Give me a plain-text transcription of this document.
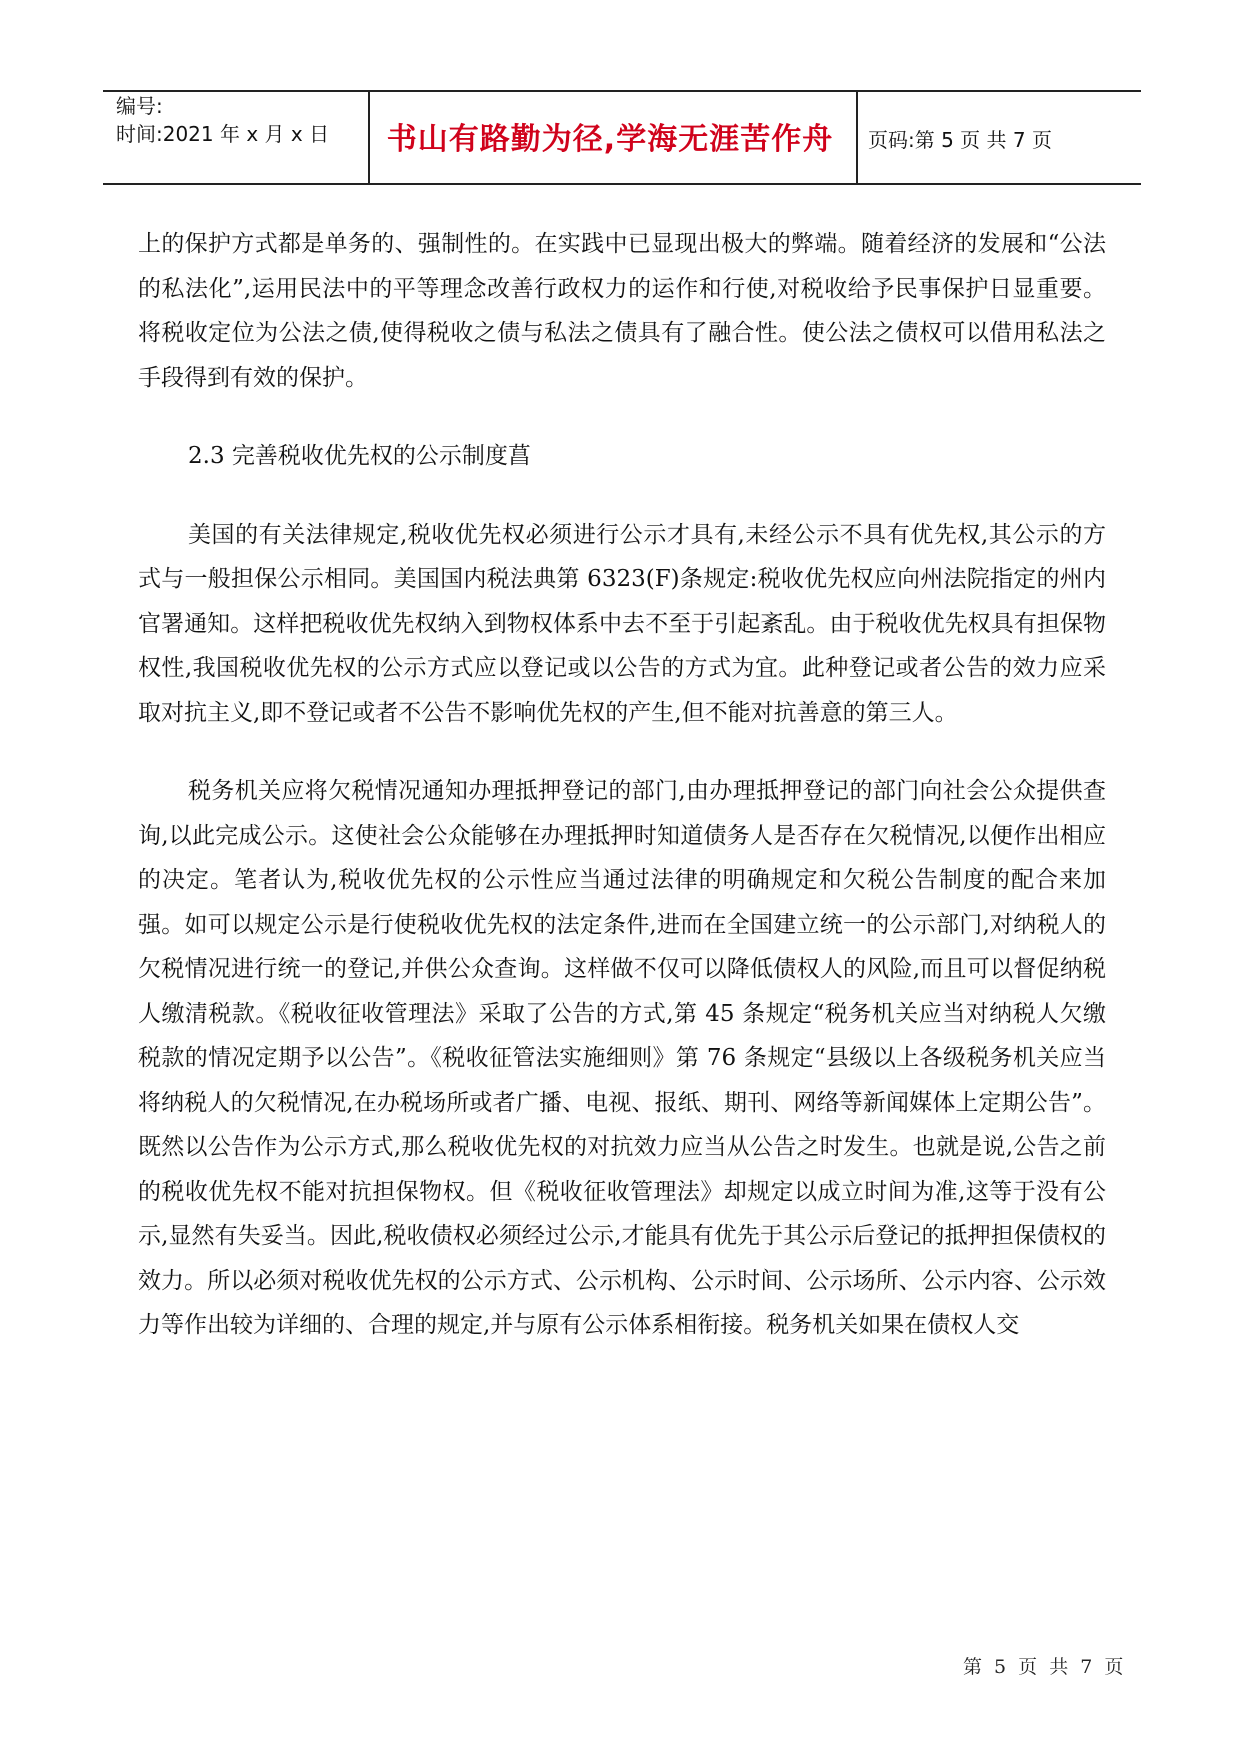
编号:
时间:2021 年 x 月 x 日	书山有路勤为径,学海无涯苦作舟	页码:第 5 页 共 7 页

上的保护方式都是单务的、强制性的。在实践中已显现出极大的弊端。随着经济的发展和“公法的私法化”,运用民法中的平等理念改善行政权力的运作和行使,对税收给予民事保护日显重要。将税收定位为公法之债,使得税收之债与私法之债具有了融合性。使公法之债权可以借用私法之手段得到有效的保护。

2.3 完善税收优先权的公示制度菖

美国的有关法律规定,税收优先权必须进行公示才具有,未经公示不具有优先权,其公示的方式与一般担保公示相同。美国国内税法典第 6323(F)条规定:税收优先权应向州法院指定的州内官署通知。这样把税收优先权纳入到物权体系中去不至于引起紊乱。由于税收优先权具有担保物权性,我国税收优先权的公示方式应以登记或以公告的方式为宜。此种登记或者公告的效力应采取对抗主义,即不登记或者不公告不影响优先权的产生,但不能对抗善意的第三人。

税务机关应将欠税情况通知办理抵押登记的部门,由办理抵押登记的部门向社会公众提供查询,以此完成公示。这使社会公众能够在办理抵押时知道债务人是否存在欠税情况,以便作出相应的决定。笔者认为,税收优先权的公示性应当通过法律的明确规定和欠税公告制度的配合来加强。如可以规定公示是行使税收优先权的法定条件,进而在全国建立统一的公示部门,对纳税人的欠税情况进行统一的登记,并供公众查询。这样做不仅可以降低债权人的风险,而且可以督促纳税人缴清税款。《税收征收管理法》采取了公告的方式,第 45 条规定“税务机关应当对纳税人欠缴税款的情况定期予以公告”。《税收征管法实施细则》第 76 条规定“县级以上各级税务机关应当将纳税人的欠税情况,在办税场所或者广播、电视、报纸、期刊、网络等新闻媒体上定期公告”。既然以公告作为公示方式,那么税收优先权的对抗效力应当从公告之时发生。也就是说,公告之前的税收优先权不能对抗担保物权。但《税收征收管理法》却规定以成立时间为准,这等于没有公示,显然有失妥当。因此,税收债权必须经过公示,才能具有优先于其公示后登记的抵押担保债权的效力。所以必须对税收优先权的公示方式、公示机构、公示时间、公示场所、公示内容、公示效力等作出较为详细的、合理的规定,并与原有公示体系相衔接。税务机关如果在债权人交

第 5 页 共 7 页
